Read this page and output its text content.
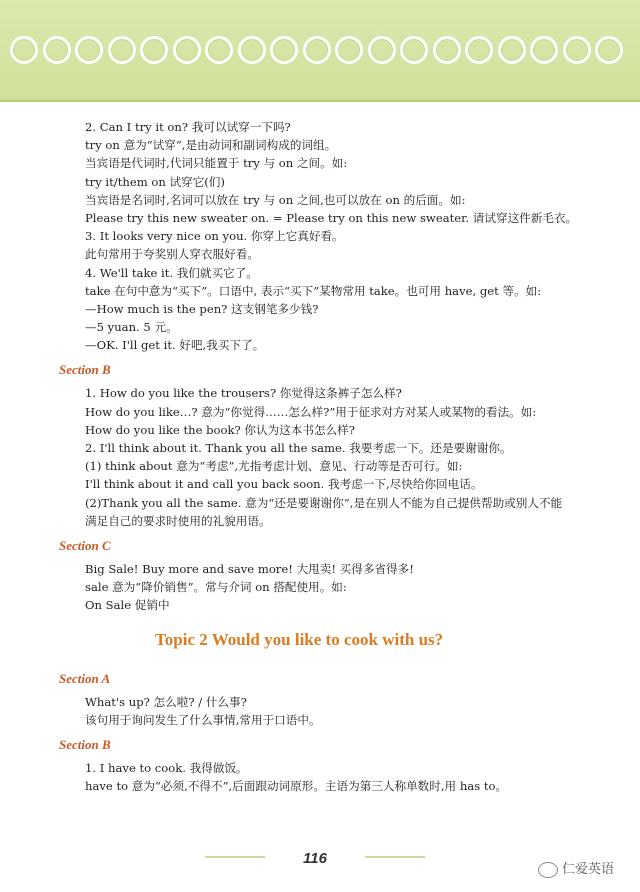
2. Can I try it on? 我可以试穿一下吗?
try on 意为“试穿”,是由动词和副词构成的词组。
当宾语是代词时,代词只能置于 try 与 on 之间。如:
try it/them on 试穿它(们)
当宾语是名词时,名词可以放在 try 与 on 之间,也可以放在 on 的后面。如:
Please try this new sweater on. = Please try on this new sweater. 请试穿这件新毛衣。
3. It looks very nice on you. 你穿上它真好看。
此句常用于夸奖别人穿衣服好看。
4. We'll take it. 我们就买它了。
take 在句中意为“买下”。口语中, 表示“买下”某物常用 take。也可用 have, get 等。如:
—How much is the pen? 这支钢笔多少钱?
—5 yuan. 5 元。
—OK. I'll get it. 好吧,我买下了。
Section B
1. How do you like the trousers? 你觉得这条裤子怎么样?
How do you like…? 意为“你觉得……怎么样?”用于征求对方对某人或某物的看法。如:
How do you like the book? 你认为这本书怎么样?
2. I'll think about it. Thank you all the same. 我要考虑一下。还是要谢谢你。
(1) think about 意为“考虑”,尤指考虑计划、意见、行动等是否可行。如:
I'll think about it and call you back soon. 我考虑一下,尽快给你回电话。
(2)Thank you all the same. 意为“还是要谢谢你”,是在别人不能为自己提供帮助或别人不能
满足自己的要求时使用的礼貌用语。
Section C
Big Sale! Buy more and save more! 大甩卖! 买得多省得多!
sale 意为“降价销售”。常与介词 on 搭配使用。如:
On Sale 促销中
Topic 2 Would you like to cook with us?
Section A
What's up? 怎么啦? / 什么事?
该句用于询问发生了什么事情,常用于口语中。
Section B
1. I have to cook. 我得做饭。
have to 意为“必须,不得不”,后面跟动词原形。主语为第三人称单数时,用 has to。
116
仁爱英语
